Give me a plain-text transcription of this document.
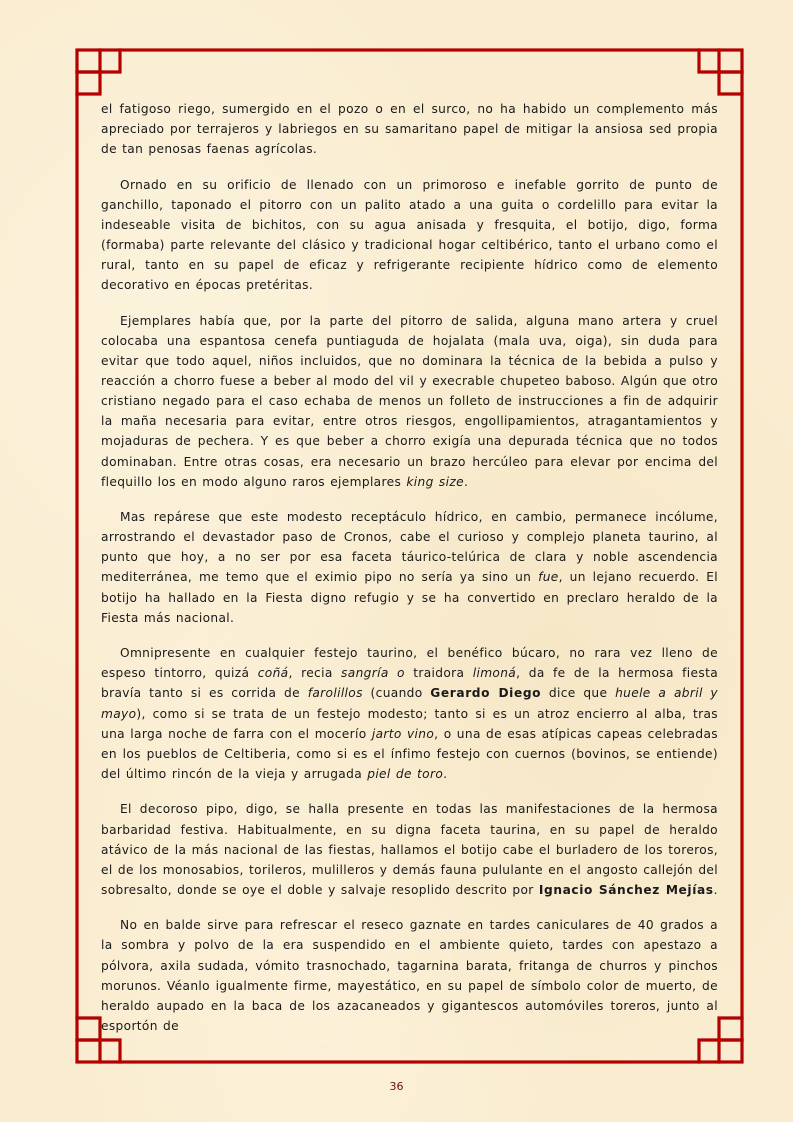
el fatigoso riego, sumergido en el pozo o en el surco, no ha habido un complemento más apreciado por terrajeros y labriegos en su samaritano papel de mitigar la ansiosa sed propia de tan penosas faenas agrícolas.

Ornado en su orificio de llenado con un primoroso e inefable gorrito de punto de ganchillo, taponado el pitorro con un palito atado a una guita o cordelillo para evitar la indeseable visita de bichitos, con su agua anisada y fresquita, el botijo, digo, forma (formaba) parte relevante del clásico y tradicional hogar celtibérico, tanto el urbano como el rural, tanto en su papel de eficaz y refrigerante recipiente hídrico como de elemento decorativo en épocas pretéritas.

Ejemplares había que, por la parte del pitorro de salida, alguna mano artera y cruel colocaba una espantosa cenefa puntiaguda de hojalata (mala uva, oiga), sin duda para evitar que todo aquel, niños incluidos, que no dominara la técnica de la bebida a pulso y reacción a chorro fuese a beber al modo del vil y execrable chupeteo baboso. Algún que otro cristiano negado para el caso echaba de menos un folleto de instrucciones a fin de adquirir la maña necesaria para evitar, entre otros riesgos, engollipamientos, atragantamientos y mojaduras de pechera. Y es que beber a chorro exigía una depurada técnica que no todos dominaban. Entre otras cosas, era necesario un brazo hercúleo para elevar por encima del flequillo los en modo alguno raros ejemplares king size.

Mas repárese que este modesto receptáculo hídrico, en cambio, permanece incólume, arrostrando el devastador paso de Cronos, cabe el curioso y complejo planeta taurino, al punto que hoy, a no ser por esa faceta táurico-telúrica de clara y noble ascendencia mediterránea, me temo que el eximio pipo no sería ya sino un fue, un lejano recuerdo. El botijo ha hallado en la Fiesta digno refugio y se ha convertido en preclaro heraldo de la Fiesta más nacional.

Omnipresente en cualquier festejo taurino, el benéfico búcaro, no rara vez lleno de espeso tintorro, quizá coñá, recia sangría o traidora limoná, da fe de la hermosa fiesta bravía tanto si es corrida de farolillos (cuando Gerardo Diego dice que huele a abril y mayo), como si se trata de un festejo modesto; tanto si es un atroz encierro al alba, tras una larga noche de farra con el mocerío jarto vino, o una de esas atípicas capeas celebradas en los pueblos de Celtiberia, como si es el ínfimo festejo con cuernos (bovinos, se entiende) del último rincón de la vieja y arrugada piel de toro.

El decoroso pipo, digo, se halla presente en todas las manifestaciones de la hermosa barbaridad festiva. Habitualmente, en su digna faceta taurina, en su papel de heraldo atávico de la más nacional de las fiestas, hallamos el botijo cabe el burladero de los toreros, el de los monosabios, torileros, mulilleros y demás fauna pululante en el angosto callejón del sobresalto, donde se oye el doble y salvaje resoplido descrito por Ignacio Sánchez Mejías.

No en balde sirve para refrescar el reseco gaznate en tardes caniculares de 40 grados a la sombra y polvo de la era suspendido en el ambiente quieto, tardes con apestazo a pólvora, axila sudada, vómito trasnochado, tagarnina barata, fritanga de churros y pinchos morunos. Véanlo igualmente firme, mayestático, en su papel de símbolo color de muerto, de heraldo aupado en la baca de los azacaneados y gigantescos automóviles toreros, junto al esportón de

36
